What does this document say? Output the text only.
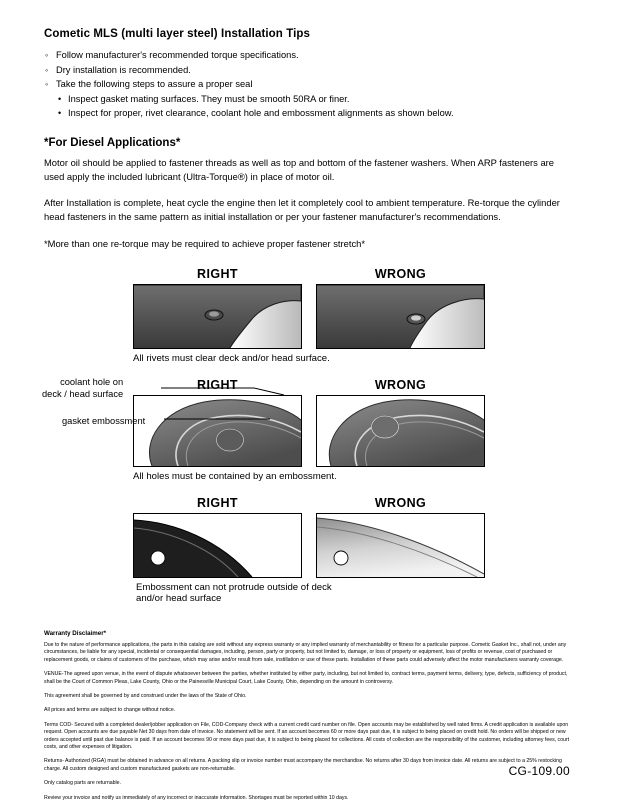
Cometic MLS (multi layer steel) Installation Tips
◦ Follow manufacturer's recommended torque specifications.
◦ Dry installation is recommended.
◦ Take the following steps to assure a proper seal
• Inspect gasket mating surfaces. They must be smooth 50RA or finer.
• Inspect for proper, rivet clearance, coolant hole and embossment alignments as shown below.
*For Diesel Applications*

Motor oil should be applied to fastener threads as well as top and bottom of the fastener washers. When ARP fasteners are used apply the included lubricant (Ultra-Torque®) in place of motor oil.

After Installation is complete, heat cycle the engine then let it completely cool to ambient temperature. Re-torque the cylinder head fasteners in the same pattern as initial installation or per your fastener manufacturer's recommendations.

*More than one re-torque may be required to achieve proper fastener stretch*

RIGHT	WRONG
All rivets must clear deck and/or head surface.
RIGHT	WRONG
All holes must be contained by an embossment.
coolant hole on
deck / head surface
gasket embossment
RIGHT	WRONG
Embossment can not protrude outside of deck
and/or head surface
Warranty Disclaimer*

Due to the nature of performance applications, the parts in this catalog are sold without any express warranty or any implied warranty of merchantability or fitness for a particular purpose. Cometic Gasket Inc., shall not, under any circumstances, be liable for any special, incidental or consequential damages, including, person, party or property, but not limited to, damage, or loss of property or equipment, loss of profits or revenue, cost of purchased or replacement goods, or claims of customers of the purchase, which may arise and/or result from sale, instillation or use of these parts. Installation of these parts could adversely affect the motor manufacturers warranty coverage.

VENUE-The agreed upon venue, in the event of dispute whatsoever between the parties, whether instituted by either party, including, but not limited to, contract terms, payment terms, delivery, type, defects, sufficiency of product, shall be the Court of Common Pleas, Lake County, Ohio or the Painesville Municipal Court, Lake County, Ohio, depending on the amount in controversy.

This agreement shall be governed by and construed under the laws of the State of Ohio.

All prices and terms are subject to change without notice.

Terms COD- Secured with a completed dealer/jobber application on File, COD-Company check with a current credit card number on file. Open accounts may be established by well rated firms. A credit application is available upon request. Open accounts are due payable Net 30 days from date of invoice. No statement will be sent. If an account becomes 60 or more days past due, it is subject to being placed on credit hold. No orders will be shipped or new orders accepted until past due balance is paid. If an account becomes 90 or more days past due, it is subject to being placed for collections. All costs of collection are the responsibility of the customer, including attorney fees, court costs, and other expenses of litigation.

Returns- Authorized (RGA) must be obtained in advance on all returns. A packing slip or invoice number must accompany the merchandise. No returns after 30 days from invoice date. All returns are subject to a 25% restocking charge. All custom designed and custom manufactured gaskets are non-returnable.

Only catalog parts are returnable.

Review your invoice and notify us immediately of any incorrect or inaccurate information. Shortages must be reported within 10 days.

CG-109.00
